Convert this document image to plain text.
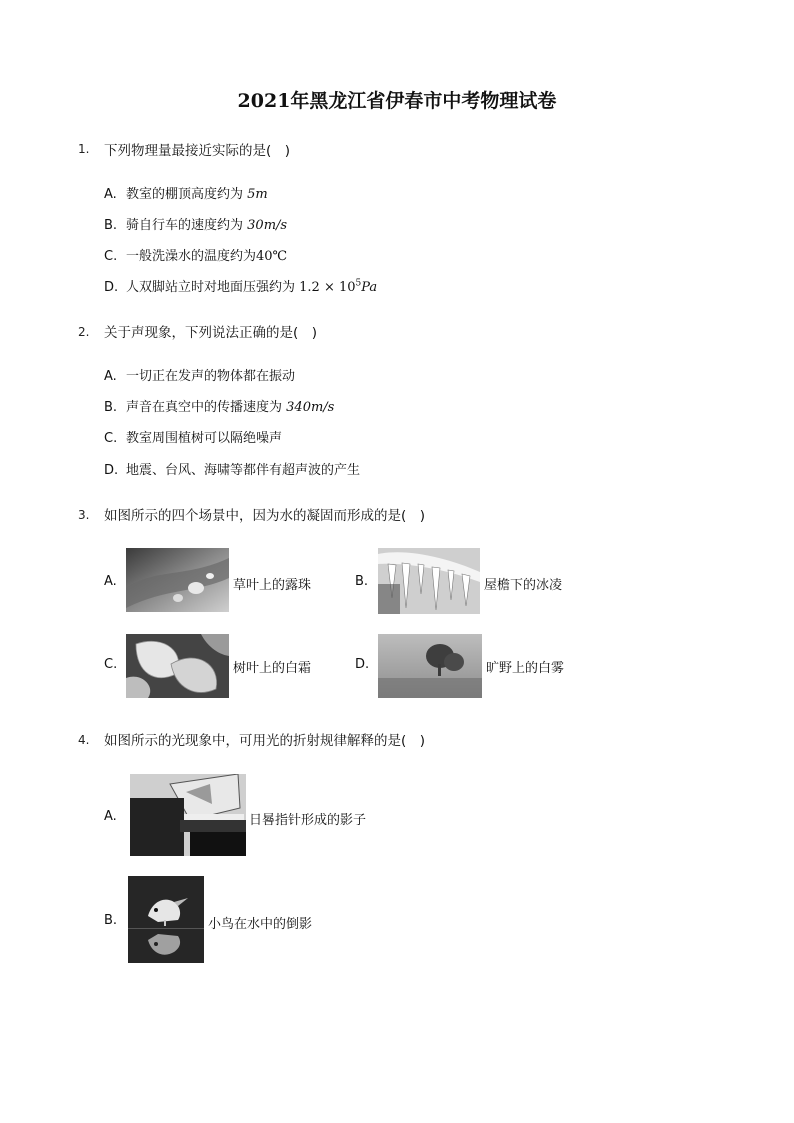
2021年黑龙江省伊春市中考物理试卷
1. 下列物理量最接近实际的是(　)
A. 教室的棚顶高度约为 5m
B. 骑自行车的速度约为 30m/s
C. 一般洗澡水的温度约为40℃
D. 人双脚站立时对地面压强约为 $1.2 \times 10^5Pa$
2. 关于声现象，下列说法正确的是(　)
A. 一切正在发声的物体都在振动
B. 声音在真空中的传播速度为 340m/s
C. 教室周围植树可以隔绝噪声
D. 地震、台风、海啸等都伴有超声波的产生
3. 如图所示的四个场景中，因为水的凝固而形成的是(　)
A.	草叶上的露珠	B.	屋檐下的冰凌
C.	树叶上的白霜	D.	旷野上的白雾
4. 如图所示的光现象中，可用光的折射规律解释的是(　)
A.	日晷指针形成的影子
B.	小鸟在水中的倒影
